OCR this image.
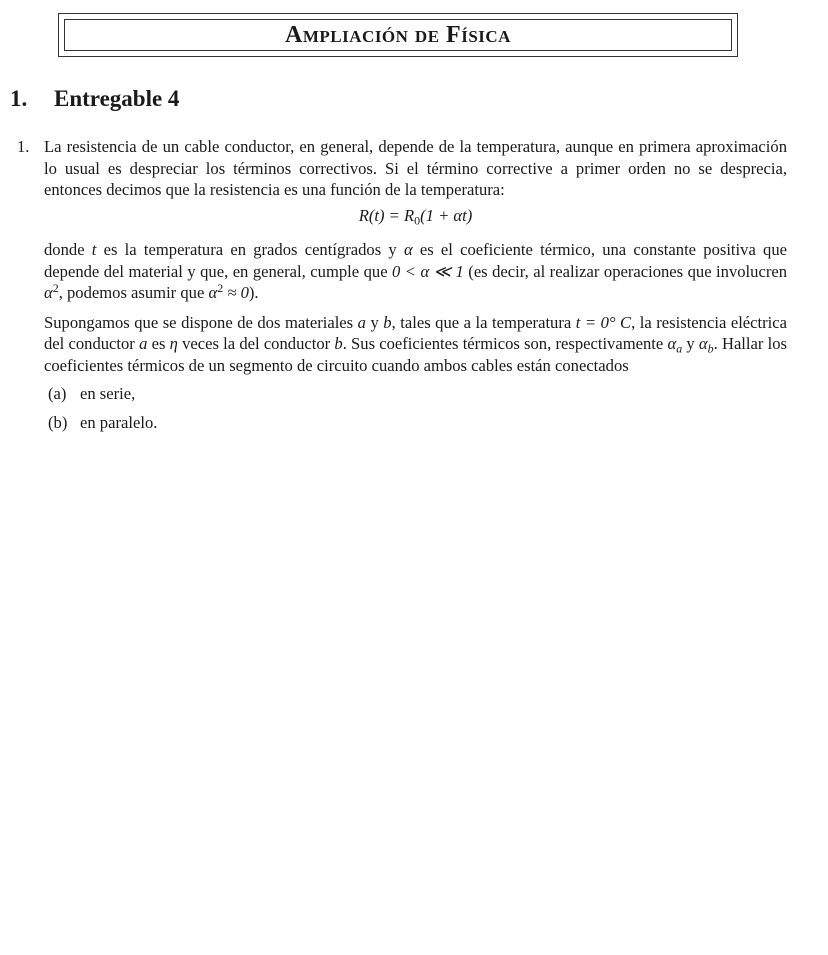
Ampliación de Física
1. Entregable 4
1. La resistencia de un cable conductor, en general, depende de la temperatura, aunque en primera aproximación lo usual es despreciar los términos correctivos. Si el término corrective a primer orden no se desprecia, entonces decimos que la resistencia es una función de la temperatura:

$R(t) = R_0(1 + \alpha t)$

donde t es la temperatura en grados centígrados y α es el coeficiente térmico, una constante positiva que depende del material y que, en general, cumple que 0 < α ≪ 1 (es decir, al realizar operaciones que involucren $\alpha^2$, podemos asumir que $\alpha^2 \approx 0$).

Supongamos que se dispone de dos materiales a y b, tales que a la temperatura t = 0° C, la resistencia eléctrica del conductor a es η veces la del conductor b. Sus coeficientes térmicos son, respectivamente $\alpha_a$ y $\alpha_b$. Hallar los coeficientes térmicos de un segmento de circuito cuando ambos cables están conectados

(a) en serie,
(b) en paralelo.
